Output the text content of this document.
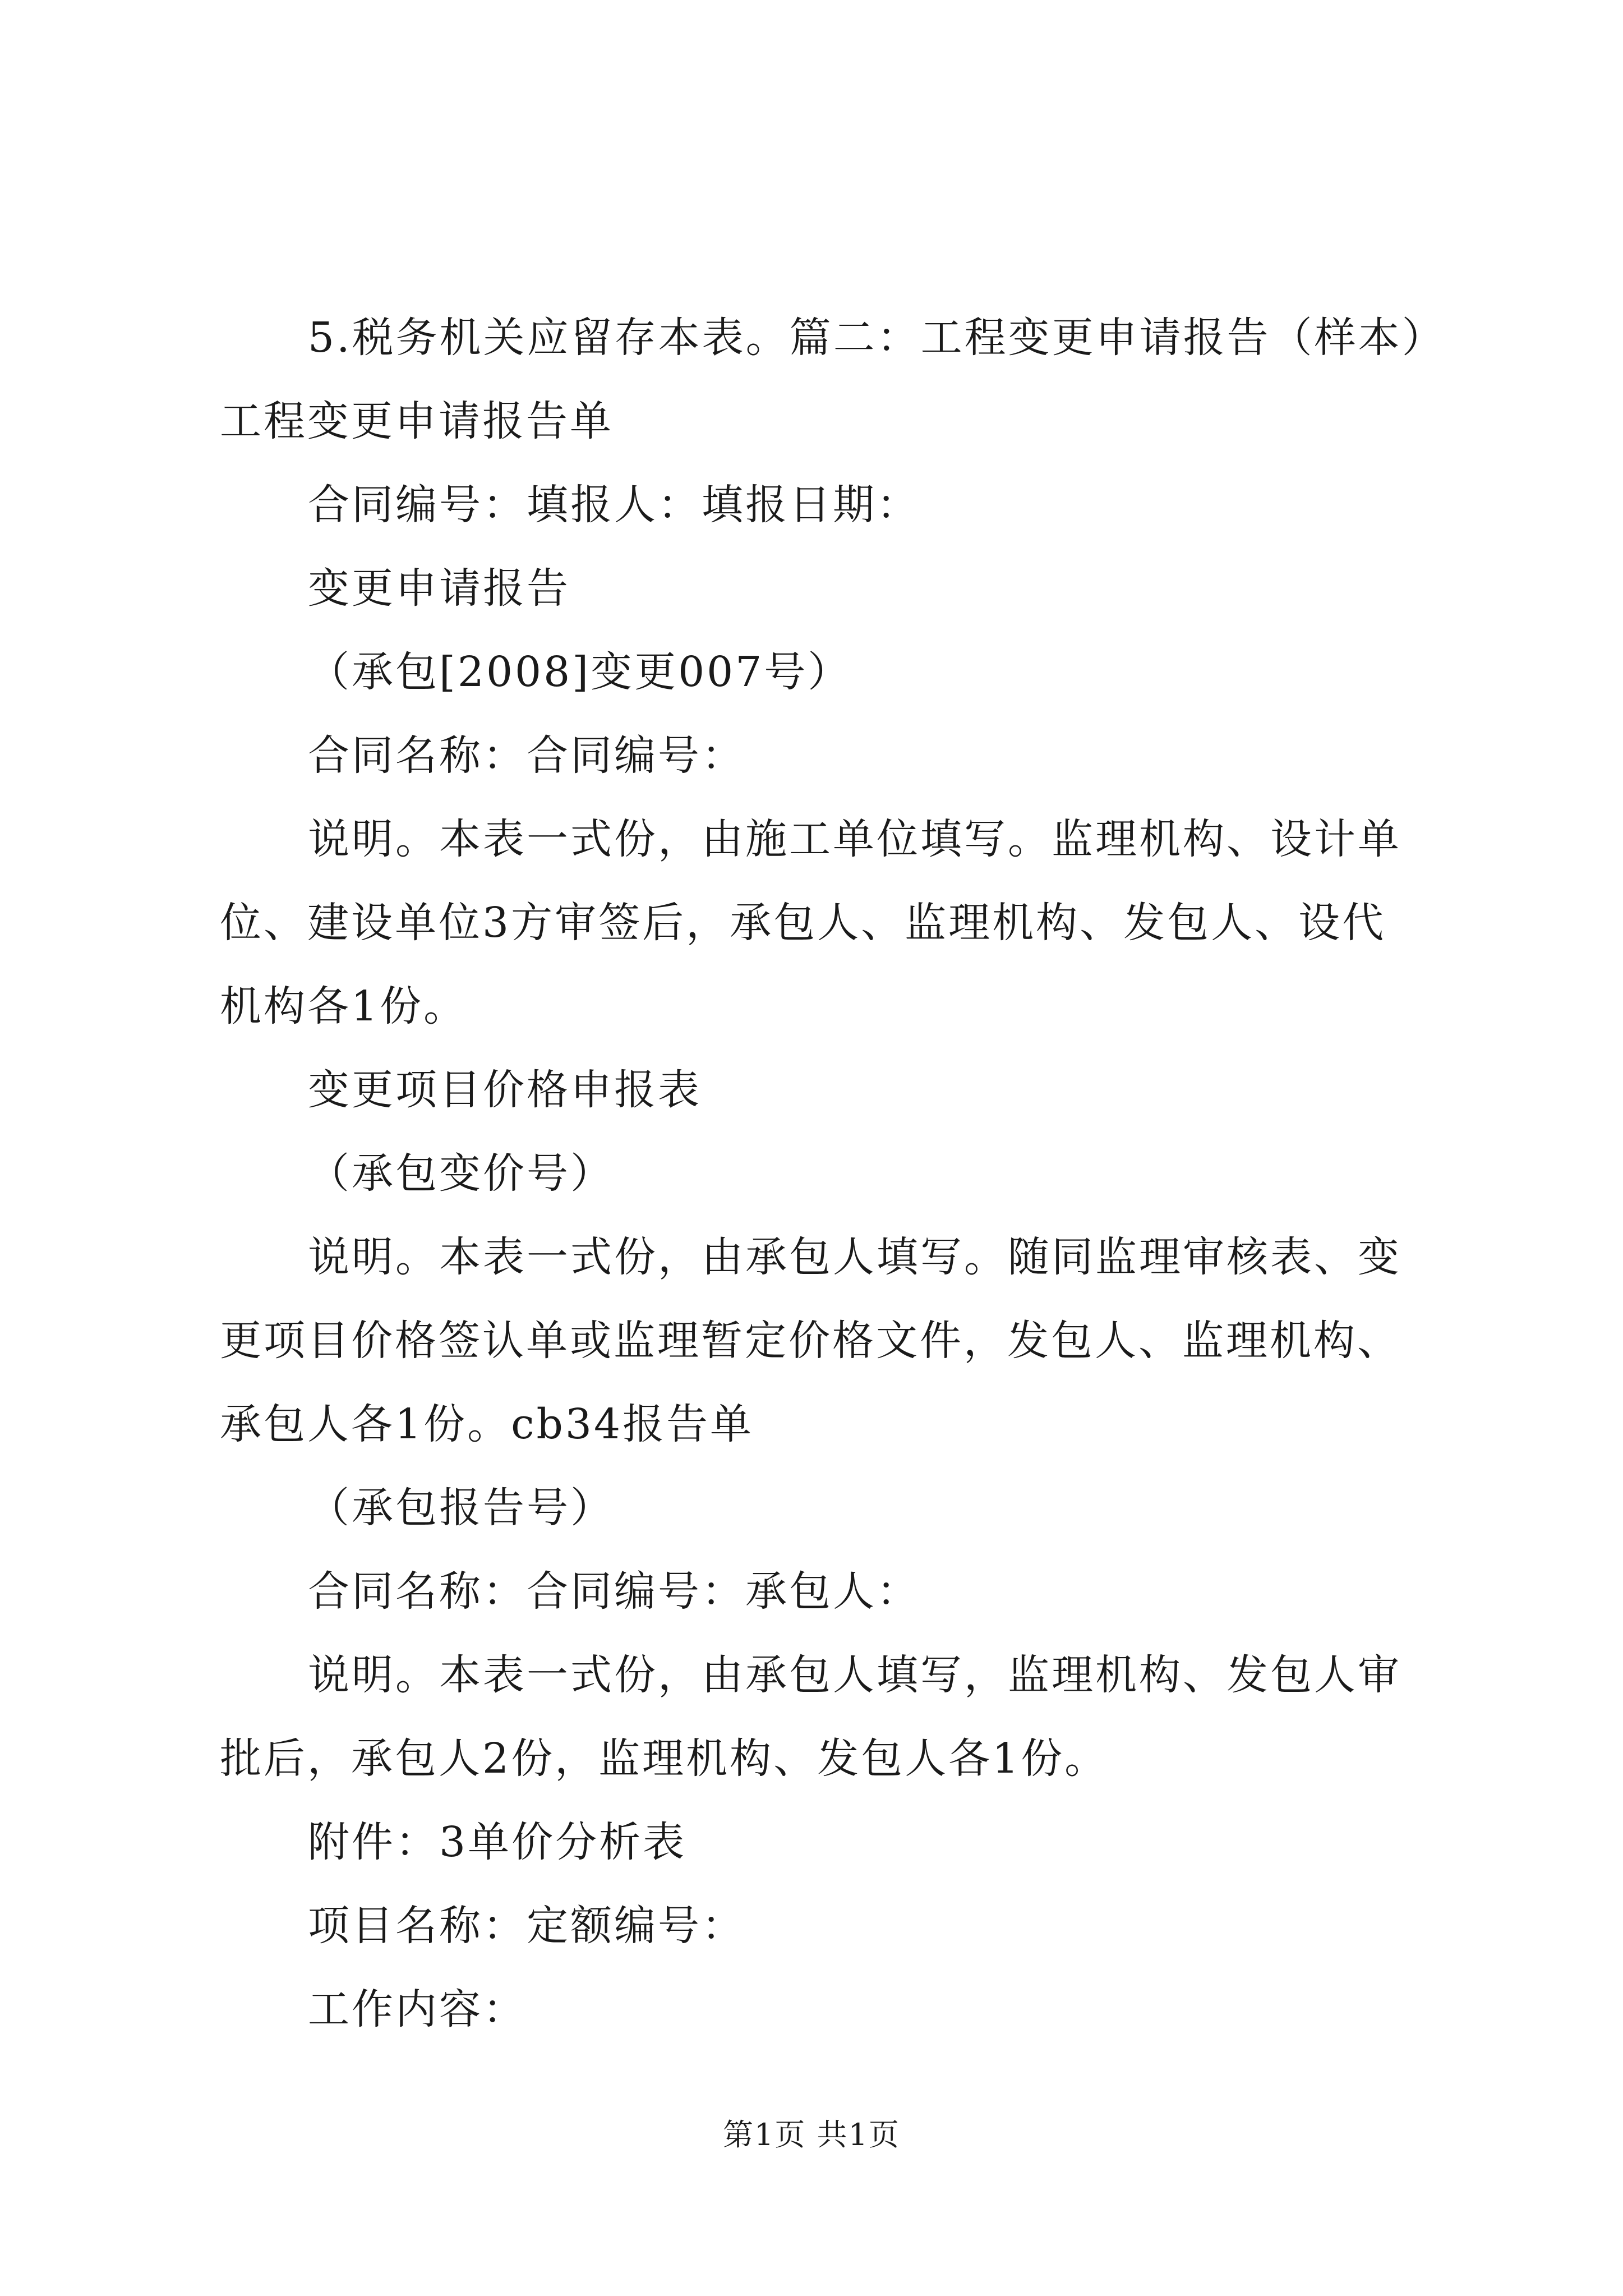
5.税务机关应留存本表。篇二：工程变更申请报告（样本）工程变更申请报告单

合同编号：填报人：填报日期：

变更申请报告

（承包[2008]变更007号）

合同名称：合同编号：

说明。本表一式份，由施工单位填写。监理机构、设计单位、建设单位3方审签后，承包人、监理机构、发包人、设代机构各1份。

变更项目价格申报表

（承包变价号）

说明。本表一式份，由承包人填写。随同监理审核表、变更项目价格签认单或监理暂定价格文件，发包人、监理机构、承包人各1份。cb34报告单

（承包报告号）

合同名称：合同编号：承包人：

说明。本表一式份，由承包人填写，监理机构、发包人审批后，承包人2份，监理机构、发包人各1份。

附件：3单价分析表

项目名称：定额编号：

工作内容：

第1页 共1页
